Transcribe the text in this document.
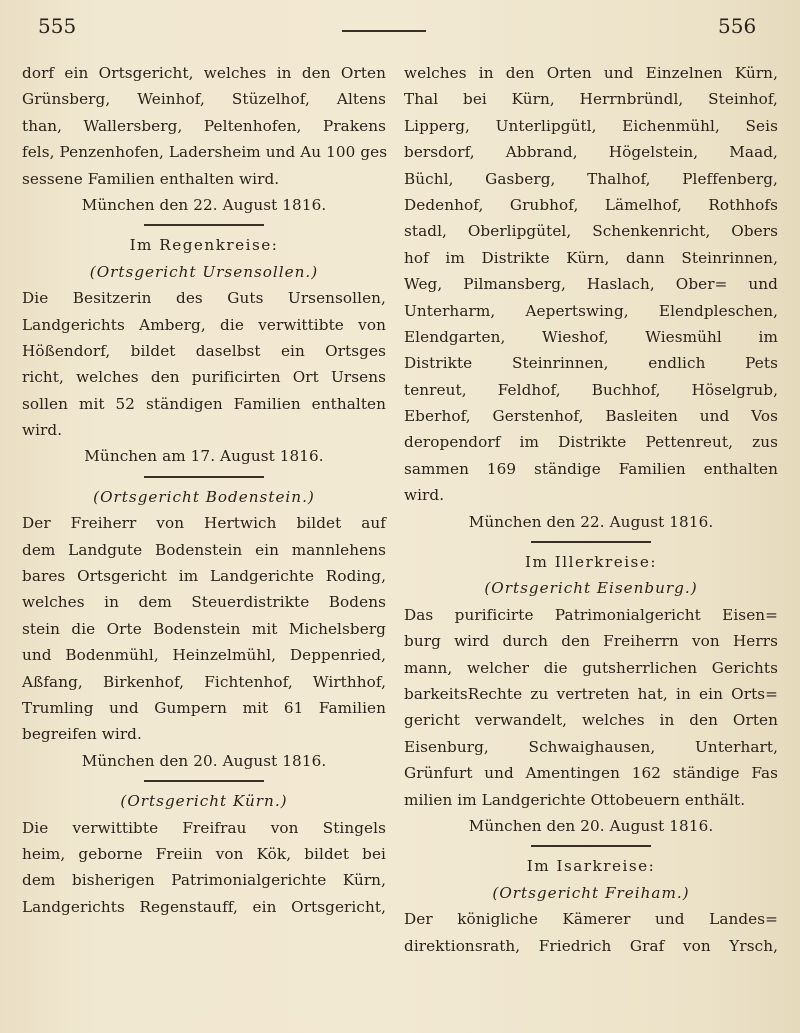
555	556
dorf ein Ortsgericht, welches in den Orten
Grünsberg, Weinhof, Stüzelhof, Altens
than, Wallersberg, Peltenhofen, Prakens
fels, Penzenhofen, Ladersheim und Au 100 ges
sessene Familien enthalten wird.
München den 22. August 1816.
Im Regenkreise:
(Ortsgericht Ursensollen.)
Die Besitzerin des Guts Ursensollen,
Landgerichts Amberg, die verwittibte von
Hößendorf, bildet daselbst ein Ortsges
richt, welches den purificirten Ort Ursens
sollen mit 52 ständigen Familien enthalten
wird.
München am 17. August 1816.
(Ortsgericht Bodenstein.)
Der Freiherr von Hertwich bildet auf
dem Landgute Bodenstein ein mannlehens
bares Ortsgericht im Landgerichte Roding,
welches in dem Steuerdistrikte Bodens
stein die Orte Bodenstein mit Michelsberg
und Bodenmühl, Heinzelmühl, Deppenried,
Aßfang, Birkenhof, Fichtenhof, Wirthhof,
Trumling und Gumpern mit 61 Familien
begreifen wird.
München den 20. August 1816.
(Ortsgericht Kürn.)
Die verwittibte Freifrau von Stingels
heim, geborne Freiin von Kök, bildet bei
dem bisherigen Patrimonialgerichte Kürn,
Landgerichts Regenstauff, ein Ortsgericht,
welches in den Orten und Einzelnen Kürn,
Thal bei Kürn, Herrnbründl, Steinhof,
Lipperg, Unterlipgütl, Eichenmühl, Seis
bersdorf, Abbrand, Högelstein, Maad,
Büchl, Gasberg, Thalhof, Pleffenberg,
Dedenhof, Grubhof, Lämelhof, Rothhofs
stadl, Oberlipgütel, Schenkenricht, Obers
hof im Distrikte Kürn, dann Steinrinnen,
Weg, Pilmansberg, Haslach, Ober= und
Unterharm, Aepertswing, Elendpleschen,
Elendgarten, Wieshof, Wiesmühl im
Distrikte Steinrinnen, endlich Pets
tenreut, Feldhof, Buchhof, Höselgrub,
Eberhof, Gerstenhof, Basleiten und Vos
deropendorf im Distrikte Pettenreut, zus
sammen 169 ständige Familien enthalten
wird.
München den 22. August 1816.
Im Illerkreise:
(Ortsgericht Eisenburg.)
Das purificirte Patrimonialgericht Eisen=
burg wird durch den Freiherrn von Herrs
mann, welcher die gutsherrlichen Gerichts
barkeitsRechte zu vertreten hat, in ein Orts=
gericht verwandelt, welches in den Orten
Eisenburg, Schwaighausen, Unterhart,
Grünfurt und Amentingen 162 ständige Fas
milien im Landgerichte Ottobeuern enthält.
München den 20. August 1816.
Im Isarkreise:
(Ortsgericht Freiham.)
Der königliche Kämerer und Landes=
direktionsrath, Friedrich Graf von Yrsch,
